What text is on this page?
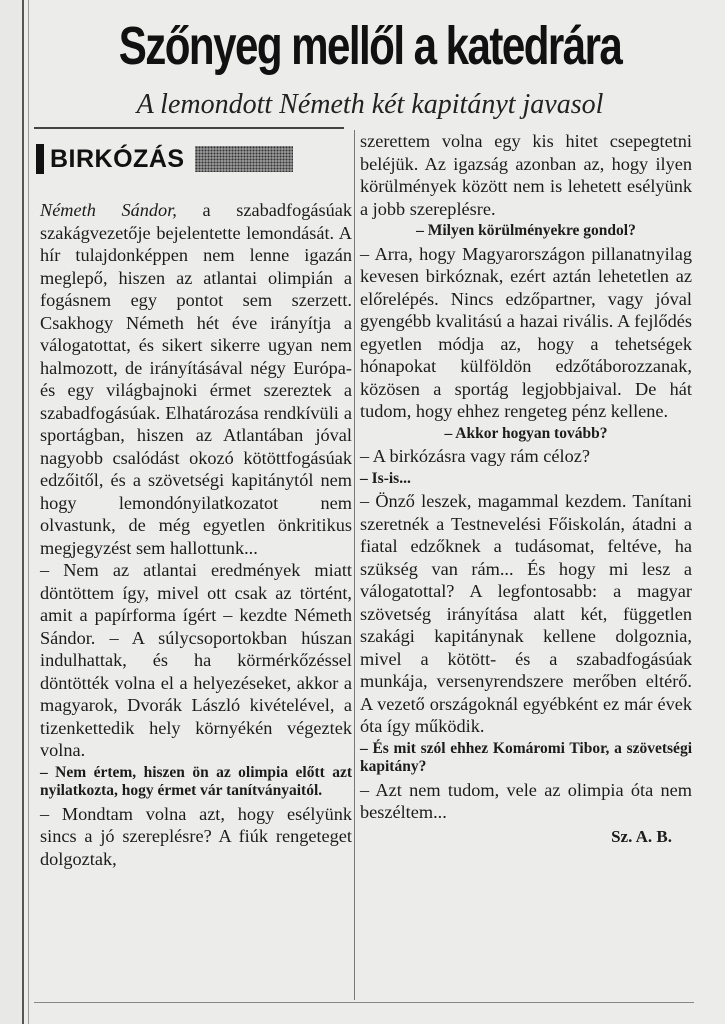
Szőnyeg mellől a katedrára
A lemondott Németh két kapitányt javasol
BIRKÓZÁS

Németh Sándor, a szabadfogásúak szakágvezetője bejelentette lemondását. A hír tulajdonképpen nem lenne igazán meglepő, hiszen az atlantai olimpián a fogásnem egy pontot sem szerzett. Csakhogy Németh hét éve irányítja a válogatottat, és sikert sikerre ugyan nem halmozott, de irányításával négy Európa- és egy világbajnoki érmet szereztek a szabadfogásúak. Elhatározása rendkívüli a sportágban, hiszen az Atlantában jóval nagyobb csalódást okozó kötöttfogásúak edzőitől, és a szövetségi kapitánytól nem hogy lemondónyilatkozatot nem olvastunk, de még egyetlen önkritikus megjegyzést sem hallottunk...

– Nem az atlantai eredmények miatt döntöttem így, mivel ott csak az történt, amit a papírforma ígért – kezdte Németh Sándor. – A súlycsoportokban húszan indulhattak, és ha körmérkőzéssel döntötték volna el a helyezéseket, akkor a magyarok, Dvorák László kivételével, a tizenkettedik hely környékén végeztek volna.

– Nem értem, hiszen ön az olimpia előtt azt nyilatkozta, hogy érmet vár tanítványaitól.

– Mondtam volna azt, hogy esélyünk sincs a jó szereplésre? A fiúk rengeteget dolgoztak,

szerettem volna egy kis hitet csepegtetni beléjük. Az igazság azonban az, hogy ilyen körülmények között nem is lehetett esélyünk a jobb szereplésre.

– Milyen körülményekre gondol?

– Arra, hogy Magyarországon pillanatnyilag kevesen birkóznak, ezért aztán lehetetlen az előrelépés. Nincs edzőpartner, vagy jóval gyengébb kvalitású a hazai rivális. A fejlődés egyetlen módja az, hogy a tehetségek hónapokat külföldön edzőtáborozzanak, közösen a sportág legjobbjaival. De hát tudom, hogy ehhez rengeteg pénz kellene.

– Akkor hogyan tovább?

– A birkózásra vagy rám céloz?

– Is-is...

– Önző leszek, magammal kezdem. Tanítani szeretnék a Testnevelési Főiskolán, átadni a fiatal edzőknek a tudásomat, feltéve, ha szükség van rám... És hogy mi lesz a válogatottal? A legfontosabb: a magyar szövetség irányítása alatt két, független szakági kapitánynak kellene dolgoznia, mivel a kötött- és a szabadfogásúak munkája, versenyrendszere merőben eltérő. A vezető országoknál egyébként ez már évek óta így működik.

– És mit szól ehhez Komáromi Tibor, a szövetségi kapitány?

– Azt nem tudom, vele az olimpia óta nem beszéltem...

Sz. A. B.
